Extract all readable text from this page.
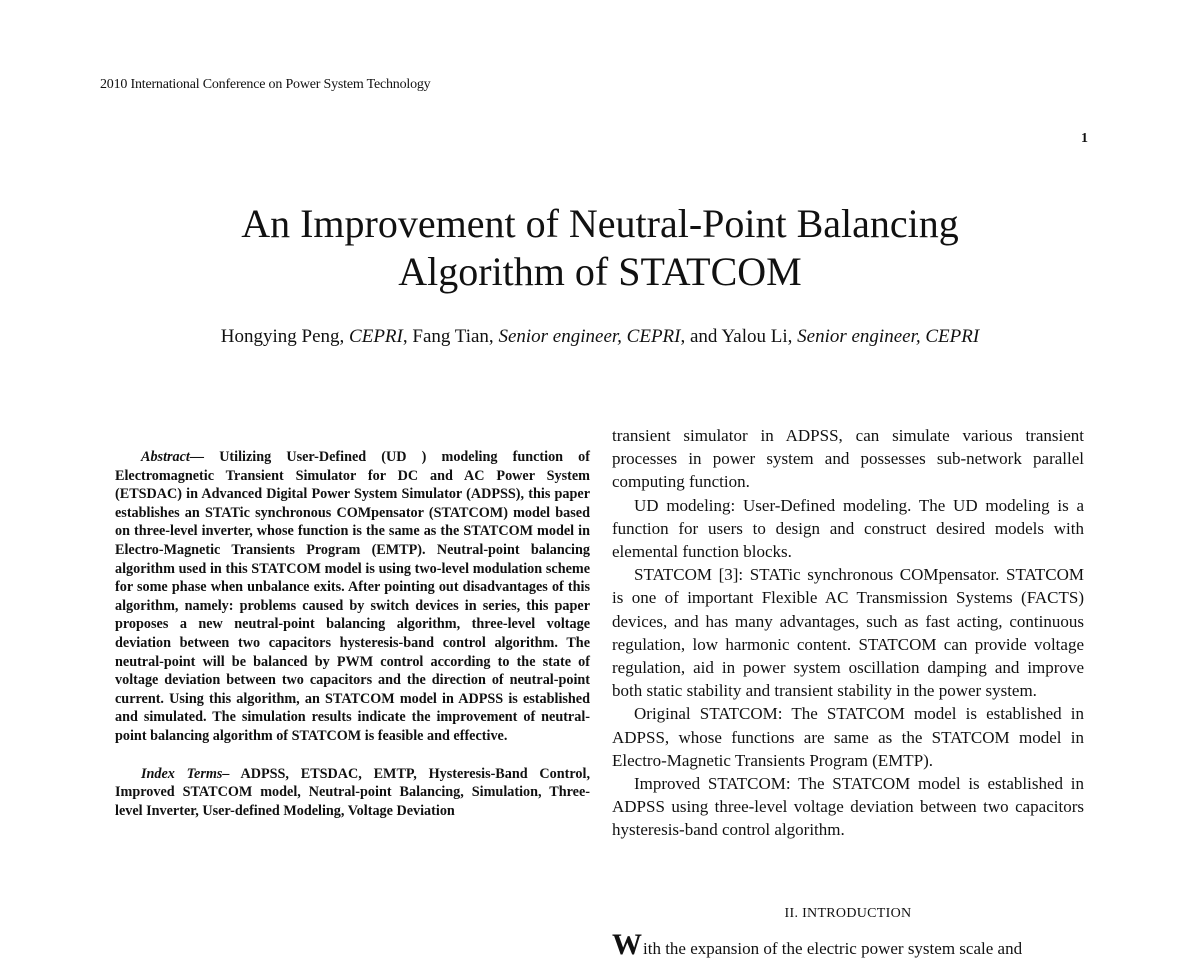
2010 International Conference on Power System Technology
1
An Improvement of Neutral-Point Balancing
Algorithm of STATCOM
Hongying Peng, CEPRI, Fang Tian, Senior engineer, CEPRI, and Yalou Li, Senior engineer, CEPRI

Abstract— Utilizing User-Defined (UD ) modeling function of Electromagnetic Transient Simulator for DC and AC Power System (ETSDAC) in Advanced Digital Power System Simulator (ADPSS), this paper establishes an STATic synchronous COMpensator (STATCOM) model based on three-level inverter, whose function is the same as the STATCOM model in Electro-Magnetic Transients Program (EMTP). Neutral-point balancing algorithm used in this STATCOM model is using two-level modulation scheme for some phase when unbalance exits. After pointing out disadvantages of this algorithm, namely: problems caused by switch devices in series, this paper proposes a new neutral-point balancing algorithm, three-level voltage deviation between two capacitors hysteresis-band control algorithm. The neutral-point will be balanced by PWM control according to the state of voltage deviation between two capacitors and the direction of neutral-point current. Using this algorithm, an STATCOM model in ADPSS is established and simulated. The simulation results indicate the improvement of neutral-point balancing algorithm of STATCOM is feasible and effective.

Index Terms– ADPSS, ETSDAC, EMTP, Hysteresis-Band Control, Improved STATCOM model, Neutral-point Balancing, Simulation, Three-level Inverter, User-defined Modeling, Voltage Deviation

transient simulator in ADPSS, can simulate various transient processes in power system and possesses sub-network parallel computing function.

UD modeling: User-Defined modeling. The UD modeling is a function for users to design and construct desired models with elemental function blocks.

STATCOM [3]: STATic synchronous COMpensator. STATCOM is one of important Flexible AC Transmission Systems (FACTS) devices, and has many advantages, such as fast acting, continuous regulation, low harmonic content. STATCOM can provide voltage regulation, aid in power system oscillation damping and improve both static stability and transient stability in the power system.

Original STATCOM: The STATCOM model is established in ADPSS, whose functions are same as the STATCOM model in Electro-Magnetic Transients Program (EMTP).

Improved STATCOM: The STATCOM model is established in ADPSS using three-level voltage deviation between two capacitors hysteresis-band control algorithm.

II. INTRODUCTION
With the expansion of the electric power system scale and
